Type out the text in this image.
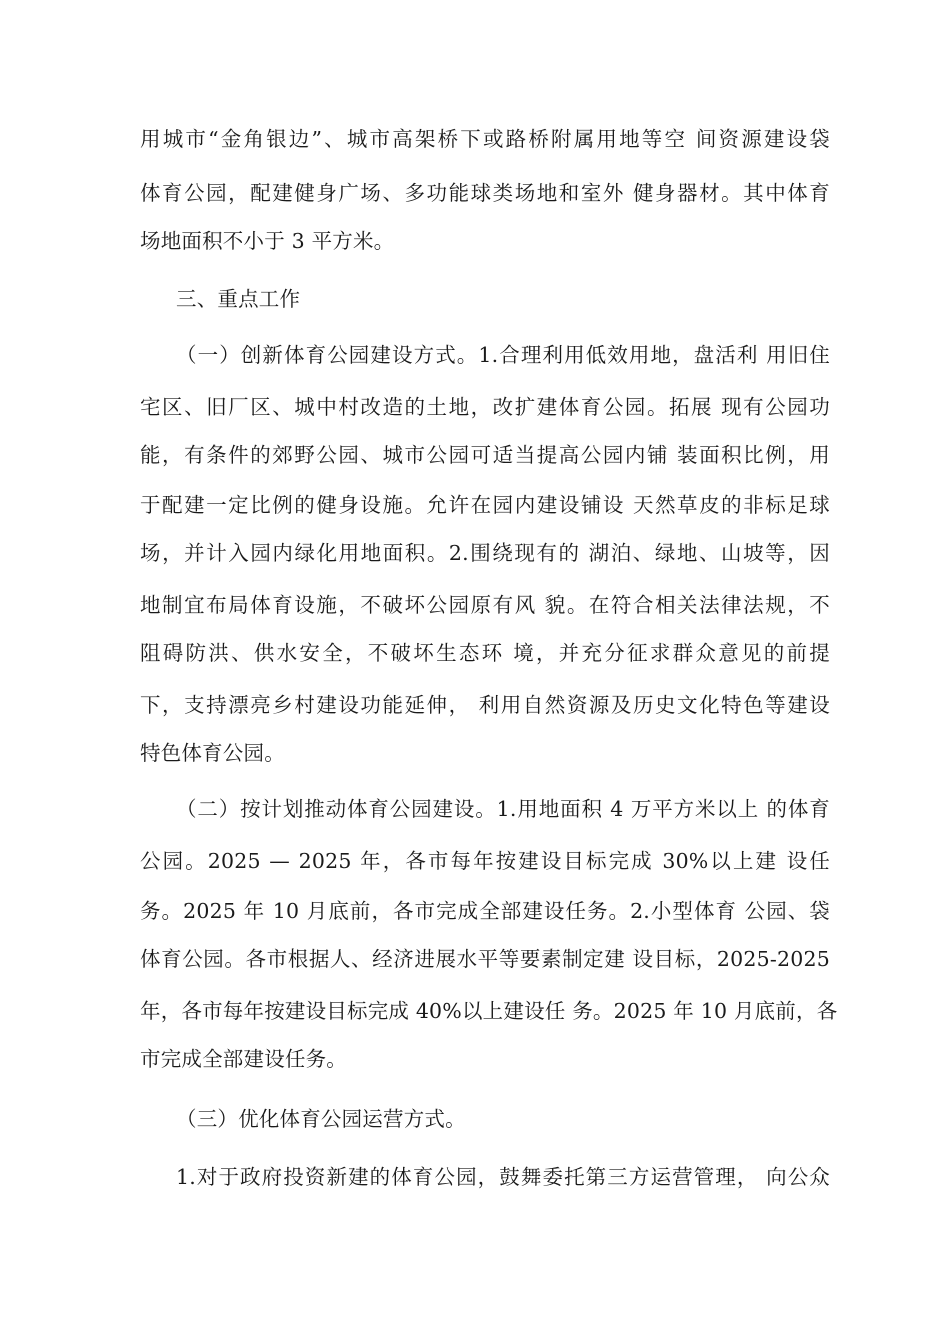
用城市“金角银边”、城市高架桥下或路桥附属用地等空 间资源建设袋
体育公园，配建健身广场、多功能球类场地和室外 健身器材。其中体育
场地面积不小于 3 平方米。
三、重点工作
（一）创新体育公园建设方式。1.合理利用低效用地，盘活利 用旧住
宅区、旧厂区、城中村改造的土地，改扩建体育公园。拓展 现有公园功
能，有条件的郊野公园、城市公园可适当提高公园内铺 装面积比例，用
于配建一定比例的健身设施。允许在园内建设铺设 天然草皮的非标足球
场，并计入园内绿化用地面积。2.围绕现有的 湖泊、绿地、山坡等，因
地制宜布局体育设施，不破坏公园原有风 貌。在符合相关法律法规，不
阻碍防洪、供水安全，不破坏生态环 境，并充分征求群众意见的前提
下，支持漂亮乡村建设功能延伸， 利用自然资源及历史文化特色等建设
特色体育公园。
（二）按计划推动体育公园建设。1.用地面积 4 万平方米以上 的体育
公园。2025 — 2025 年，各市每年按建设目标完成 30%以上建 设任
务。2025 年 10 月底前，各市完成全部建设任务。2.小型体育 公园、袋
体育公园。各市根据人、经济进展水平等要素制定建 设目标，2025-2025
年，各市每年按建设目标完成 40%以上建设任 务。2025 年 10 月底前，各
市完成全部建设任务。
（三）优化体育公园运营方式。
1.对于政府投资新建的体育公园，鼓舞委托第三方运营管理， 向公众
